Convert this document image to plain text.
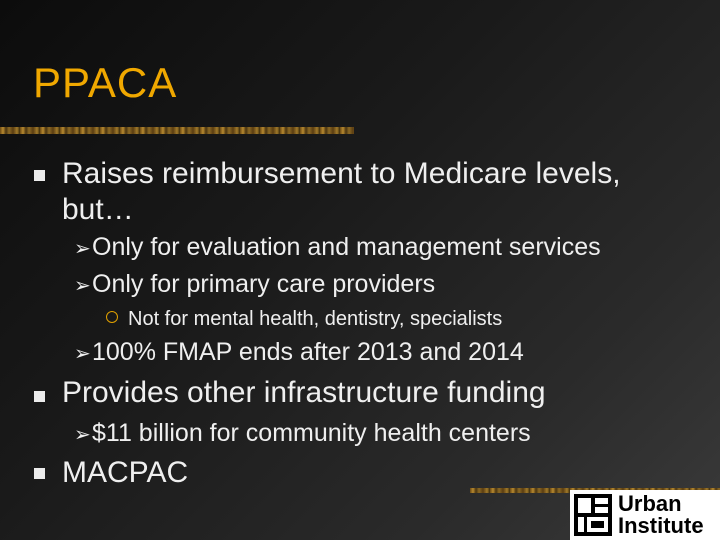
PPACA
Raises reimbursement to Medicare levels, but…
➢Only for evaluation and management services
➢Only for primary care providers
Not for mental health, dentistry, specialists
➢100% FMAP ends after 2013 and 2014
Provides other infrastructure funding
➢$11 billion for community health centers
MACPAC
Urban
Institute
